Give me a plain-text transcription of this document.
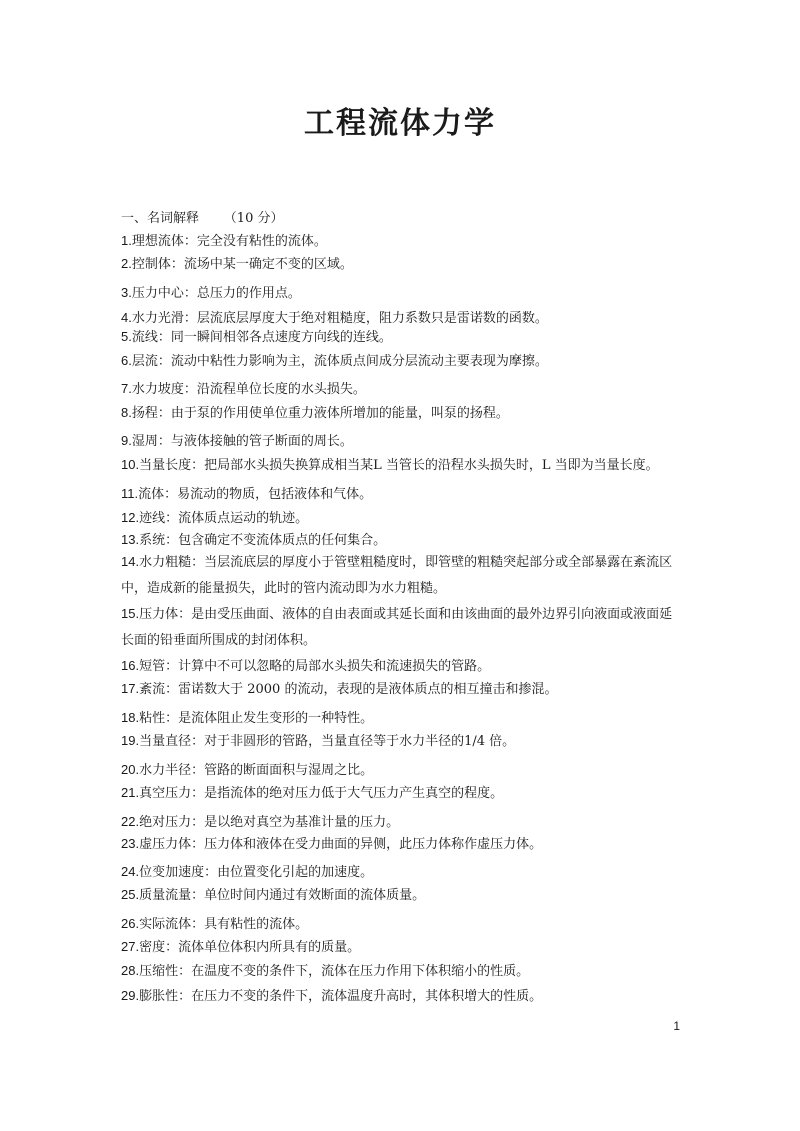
工程流体力学
一、名词解释      （10 分）
1.理想流体：完全没有粘性的流体。
2.控制体：流场中某一确定不变的区域。
3.压力中心：总压力的作用点。
4.水力光滑：层流底层厚度大于绝对粗糙度，阻力系数只是雷诺数的函数。
5.流线：同一瞬间相邻各点速度方向线的连线。
6.层流：流动中粘性力影响为主，流体质点间成分层流动主要表现为摩擦。
7.水力坡度：沿流程单位长度的水头损失。
8.扬程：由于泵的作用使单位重力液体所增加的能量，叫泵的扬程。
9.湿周：与液体接触的管子断面的周长。
10.当量长度：把局部水头损失换算成相当某L 当管长的沿程水头损失时，L 当即为当量长度。
11.流体：易流动的物质，包括液体和气体。
12.迹线：流体质点运动的轨迹。
13.系统：包含确定不变流体质点的任何集合。
14.水力粗糙：当层流底层的厚度小于管壁粗糙度时，即管壁的粗糙突起部分或全部暴露在紊流区中，造成新的能量损失，此时的管内流动即为水力粗糙。
15.压力体：是由受压曲面、液体的自由表面或其延长面和由该曲面的最外边界引向液面或液面延长面的铅垂面所围成的封闭体积。
16.短管：计算中不可以忽略的局部水头损失和流速损失的管路。
17.紊流：雷诺数大于 2000 的流动，表现的是液体质点的相互撞击和掺混。
18.粘性：是流体阻止发生变形的一种特性。
19.当量直径：对于非圆形的管路，当量直径等于水力半径的1/4 倍。
20.水力半径：管路的断面面积与湿周之比。
21.真空压力：是指流体的绝对压力低于大气压力产生真空的程度。
22.绝对压力：是以绝对真空为基准计量的压力。
23.虚压力体：压力体和液体在受力曲面的异侧，此压力体称作虚压力体。
24.位变加速度：由位置变化引起的加速度。
25.质量流量：单位时间内通过有效断面的流体质量。
26.实际流体：具有粘性的流体。
27.密度：流体单位体积内所具有的质量。
28.压缩性：在温度不变的条件下，流体在压力作用下体积缩小的性质。
29.膨胀性：在压力不变的条件下，流体温度升高时，其体积增大的性质。
1
